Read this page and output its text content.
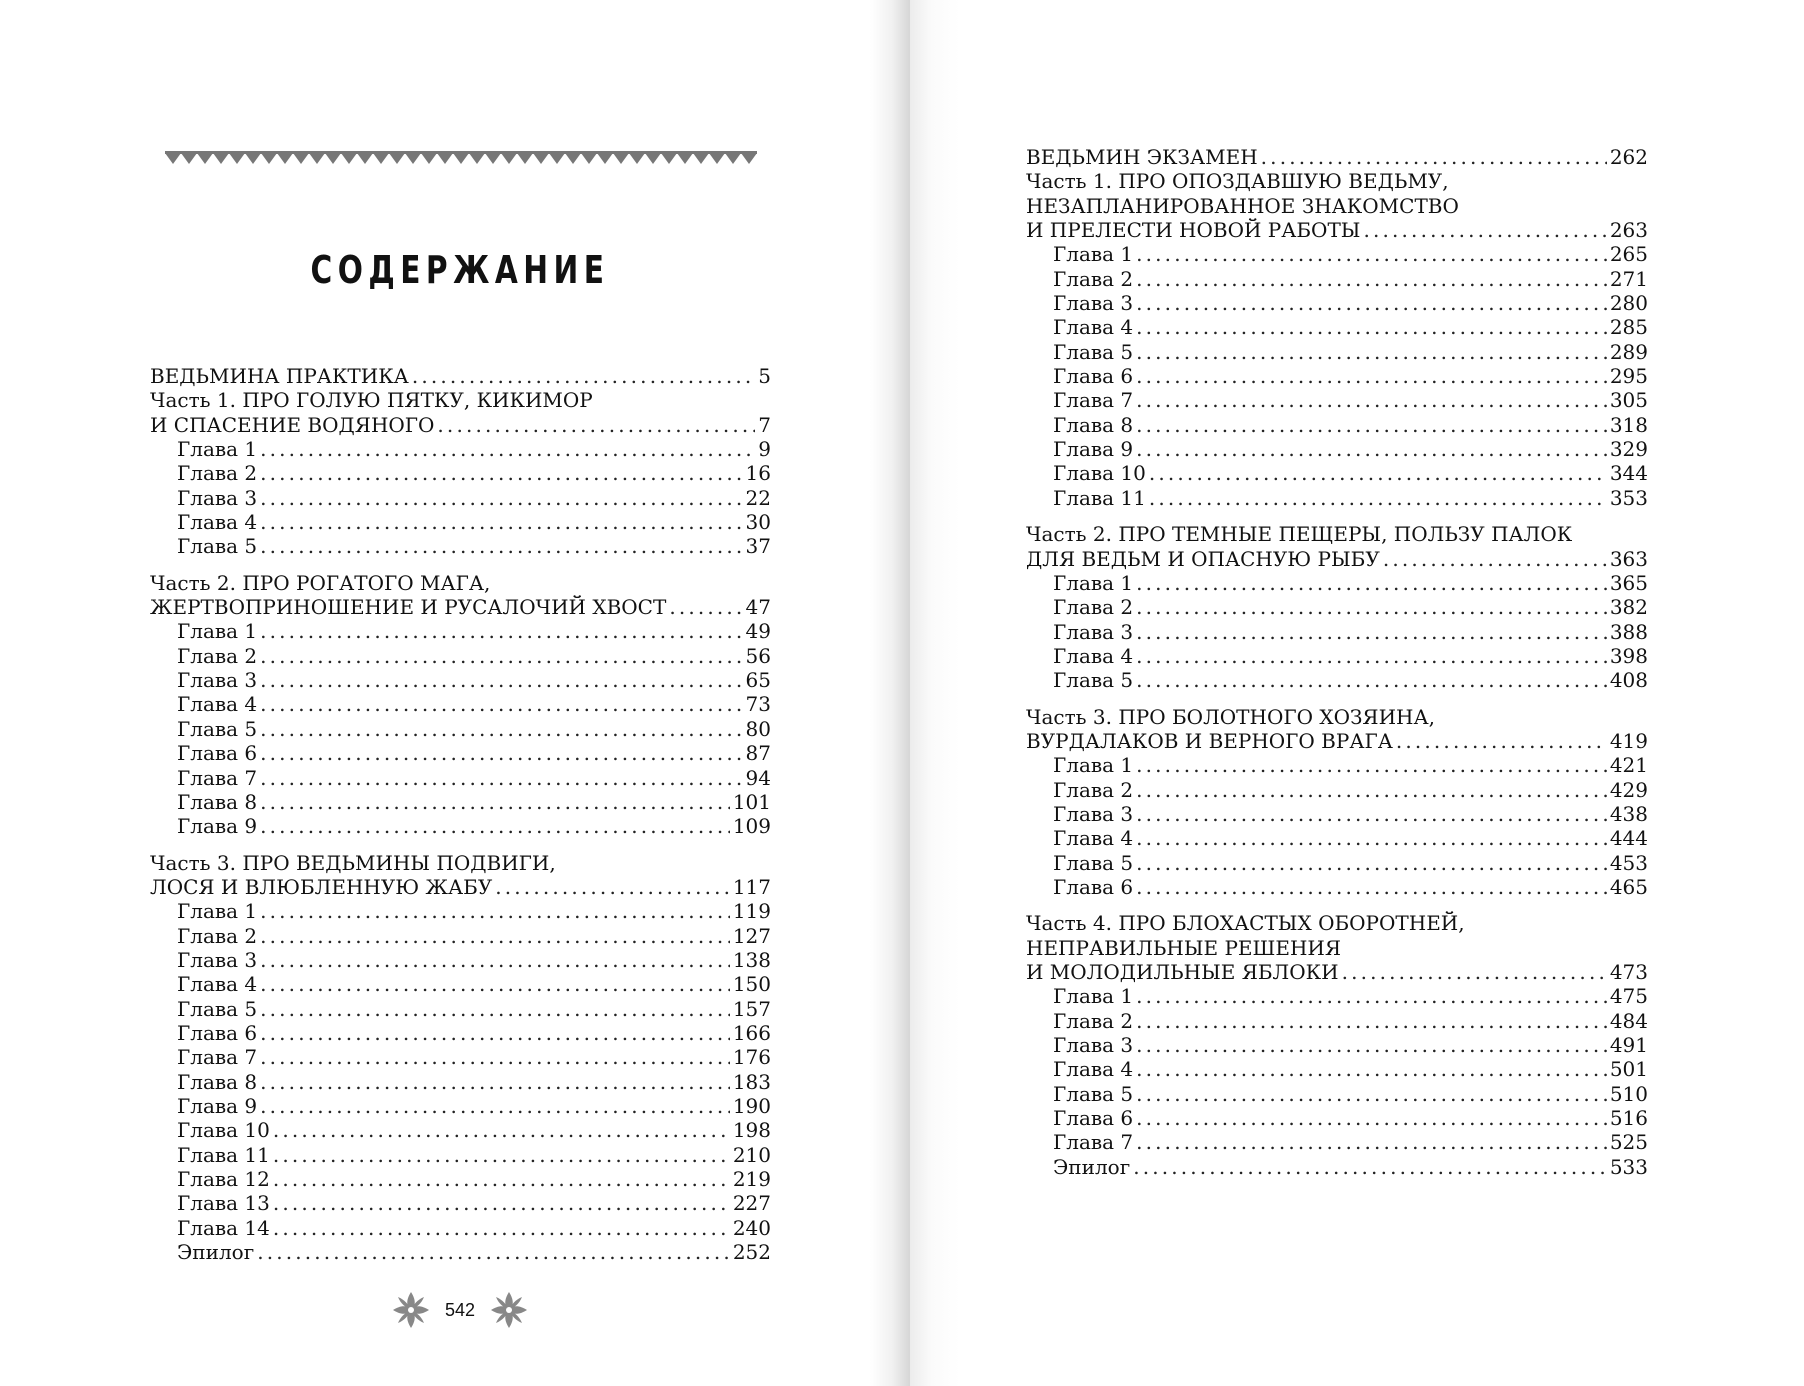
СОДЕРЖАНИЕ
ВЕДЬМИНА ПРАКТИКА . . .	5
Часть 1. ПРО ГОЛУЮ ПЯТКУ, КИКИМОР
И СПАСЕНИЕ ВОДЯНОГО . . .	7
Глава 1 . . .	9
Глава 2 . . .	16
Глава 3 . . .	22
Глава 4 . . .	30
Глава 5 . . .	37
Часть 2. ПРО РОГАТОГО МАГА,
ЖЕРТВОПРИНОШЕНИЕ И РУСАЛОЧИЙ ХВОСТ . . .	47
Глава 1 . . .	49
Глава 2 . . .	56
Глава 3 . . .	65
Глава 4 . . .	73
Глава 5 . . .	80
Глава 6 . . .	87
Глава 7 . . .	94
Глава 8 . . .	101
Глава 9 . . .	109
Часть 3. ПРО ВЕДЬМИНЫ ПОДВИГИ,
ЛОСЯ И ВЛЮБЛЕННУЮ ЖАБУ . . .	117
Глава 1 . . .	119
Глава 2 . . .	127
Глава 3 . . .	138
Глава 4 . . .	150
Глава 5 . . .	157
Глава 6 . . .	166
Глава 7 . . .	176
Глава 8 . . .	183
Глава 9 . . .	190
Глава 10 . . .	198
Глава 11 . . .	210
Глава 12 . . .	219
Глава 13 . . .	227
Глава 14 . . .	240
Эпилог . . .	252
542
ВЕДЬМИН ЭКЗАМЕН . . .	262
Часть 1. ПРО ОПОЗДАВШУЮ ВЕДЬМУ,
НЕЗАПЛАНИРОВАННОЕ ЗНАКОМСТВО
И ПРЕЛЕСТИ НОВОЙ РАБОТЫ . . .	263
Глава 1 . . .	265
Глава 2 . . .	271
Глава 3 . . .	280
Глава 4 . . .	285
Глава 5 . . .	289
Глава 6 . . .	295
Глава 7 . . .	305
Глава 8 . . .	318
Глава 9 . . .	329
Глава 10 . . .	344
Глава 11 . . .	353
Часть 2. ПРО ТЕМНЫЕ ПЕЩЕРЫ, ПОЛЬЗУ ПАЛОК
ДЛЯ ВЕДЬМ И ОПАСНУЮ РЫБУ . . .	363
Глава 1 . . .	365
Глава 2 . . .	382
Глава 3 . . .	388
Глава 4 . . .	398
Глава 5 . . .	408
Часть 3. ПРО БОЛОТНОГО ХОЗЯИНА,
ВУРДАЛАКОВ И ВЕРНОГО ВРАГА . . .	419
Глава 1 . . .	421
Глава 2 . . .	429
Глава 3 . . .	438
Глава 4 . . .	444
Глава 5 . . .	453
Глава 6 . . .	465
Часть 4. ПРО БЛОХАСТЫХ ОБОРОТНЕЙ,
НЕПРАВИЛЬНЫЕ РЕШЕНИЯ
И МОЛОДИЛЬНЫЕ ЯБЛОКИ . . .	473
Глава 1 . . .	475
Глава 2 . . .	484
Глава 3 . . .	491
Глава 4 . . .	501
Глава 5 . . .	510
Глава 6 . . .	516
Глава 7 . . .	525
Эпилог . . .	533
